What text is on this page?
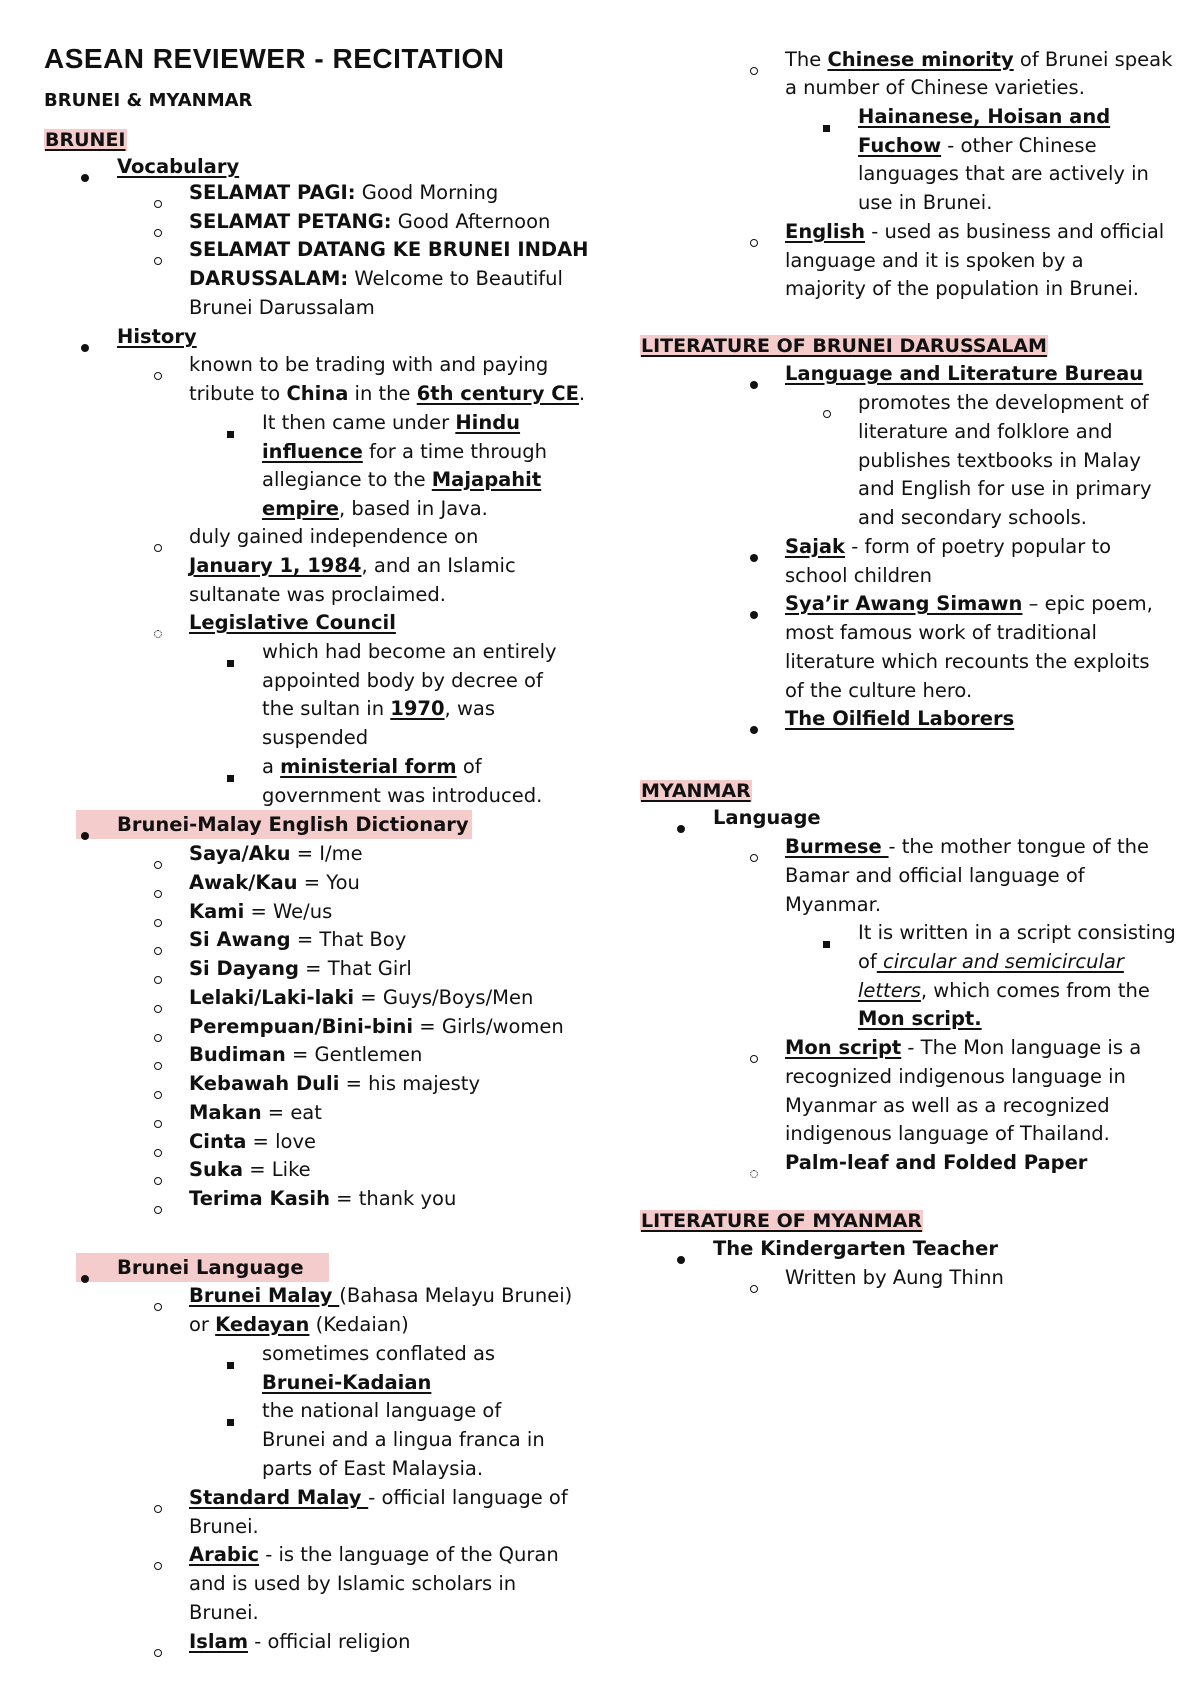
ASEAN REVIEWER - RECITATION
BRUNEI & MYANMAR
BRUNEI
Vocabulary
SELAMAT PAGI: Good Morning
SELAMAT PETANG: Good Afternoon
SELAMAT DATANG KE BRUNEI INDAH
DARUSSALAM: Welcome to Beautiful
Brunei Darussalam
History
known to be trading with and paying
tribute to China in the 6th century CE.
It then came under Hindu
influence for a time through
allegiance to the Majapahit
empire, based in Java.
duly gained independence on
January 1, 1984, and an Islamic
sultanate was proclaimed.
Legislative Council
which had become an entirely
appointed body by decree of
the sultan in 1970, was
suspended
a ministerial form of
government was introduced.
Brunei-Malay English Dictionary
Saya/Aku = I/me
Awak/Kau = You
Kami = We/us
Si Awang = That Boy
Si Dayang = That Girl
Lelaki/Laki-laki = Guys/Boys/Men
Perempuan/Bini-bini = Girls/women
Budiman = Gentlemen
Kebawah Duli = his majesty
Makan = eat
Cinta = love
Suka = Like
Terima Kasih = thank you
Brunei Language
Brunei Malay (Bahasa Melayu Brunei)
or Kedayan (Kedaian)
sometimes conflated as
Brunei-Kadaian
the national language of
Brunei and a lingua franca in
parts of East Malaysia.
Standard Malay - official language of
Brunei.
Arabic - is the language of the Quran
and is used by Islamic scholars in
Brunei.
Islam - official religion
The Chinese minority of Brunei speak
a number of Chinese varieties.
Hainanese, Hoisan and
Fuchow - other Chinese
languages that are actively in
use in Brunei.
English - used as business and official
language and it is spoken by a
majority of the population in Brunei.
LITERATURE OF BRUNEI DARUSSALAM
Language and Literature Bureau
promotes the development of
literature and folklore and
publishes textbooks in Malay
and English for use in primary
and secondary schools.
Sajak - form of poetry popular to
school children
Sya’ir Awang Simawn – epic poem,
most famous work of traditional
literature which recounts the exploits
of the culture hero.
The Oilfield Laborers
MYANMAR
Language
Burmese - the mother tongue of the
Bamar and official language of
Myanmar.
It is written in a script consisting
of circular and semicircular
letters, which comes from the
Mon script.
Mon script - The Mon language is a
recognized indigenous language in
Myanmar as well as a recognized
indigenous language of Thailand.
Palm-leaf and Folded Paper
LITERATURE OF MYANMAR
The Kindergarten Teacher
Written by Aung Thinn
